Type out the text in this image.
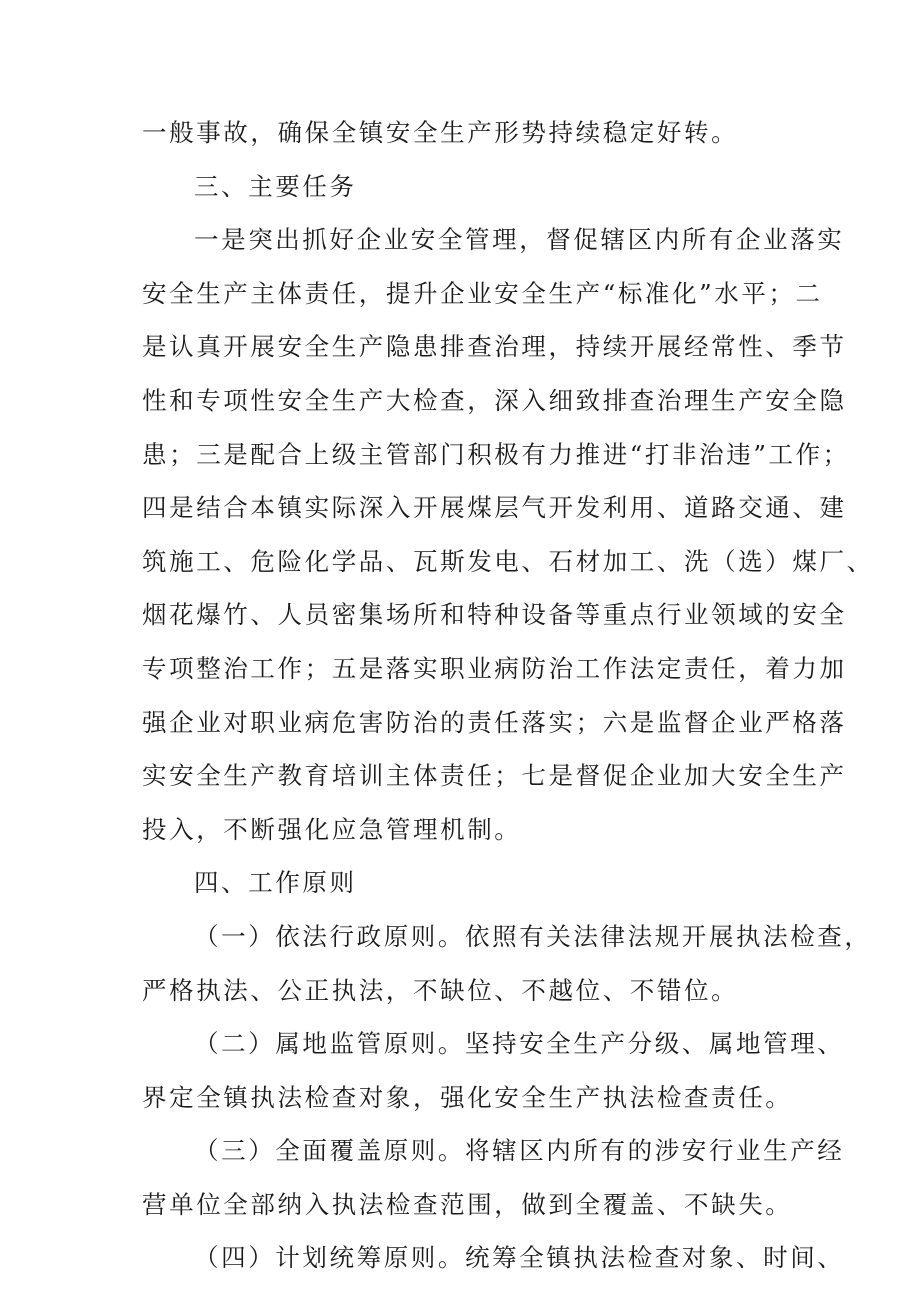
一般事故，确保全镇安全生产形势持续稳定好转。
三、主要任务
一是突出抓好企业安全管理，督促辖区内所有企业落实
安全生产主体责任，提升企业安全生产“标准化”水平；二
是认真开展安全生产隐患排查治理，持续开展经常性、季节
性和专项性安全生产大检查，深入细致排查治理生产安全隐
患；三是配合上级主管部门积极有力推进“打非治违”工作；
四是结合本镇实际深入开展煤层气开发利用、道路交通、建
筑施工、危险化学品、瓦斯发电、石材加工、洗（选）煤厂、
烟花爆竹、人员密集场所和特种设备等重点行业领域的安全
专项整治工作；五是落实职业病防治工作法定责任，着力加
强企业对职业病危害防治的责任落实；六是监督企业严格落
实安全生产教育培训主体责任；七是督促企业加大安全生产
投入，不断强化应急管理机制。
四、工作原则
（一）依法行政原则。依照有关法律法规开展执法检查，
严格执法、公正执法，不缺位、不越位、不错位。
（二）属地监管原则。坚持安全生产分级、属地管理、
界定全镇执法检查对象，强化安全生产执法检查责任。
（三）全面覆盖原则。将辖区内所有的涉安行业生产经
营单位全部纳入执法检查范围，做到全覆盖、不缺失。
（四）计划统筹原则。统筹全镇执法检查对象、时间、
